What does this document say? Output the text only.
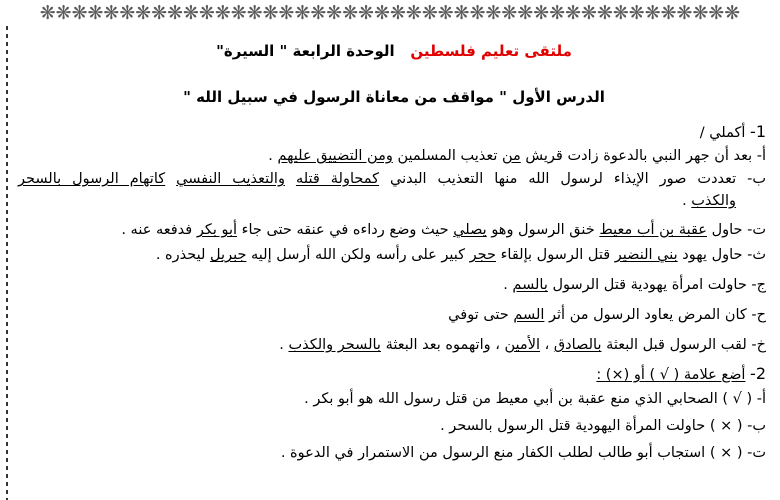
❋❋❋❋❋❋❋❋❋❋❋❋❋❋❋❋❋❋❋❋❋❋❋❋❋❋❋❋❋❋❋❋❋❋❋❋❋❋❋❋❋❋❋❋
ملتقى تعليم فلسطين   الوحدة الرابعة " السيرة"
الدرس الأول " مواقف من معاناة الرسول في سبيل الله "
1- أكملي /
أ- بعد أن جهر النبي بالدعوة زادت قريش من تعذيب المسلمين ومن التضييق عليهم .
ب- تعددت صور الإيذاء لرسول الله منها التعذيب البدني كمحاولة قتله والتعذيب النفسي كاتهام الرسول بالسحر
والكذب .
ت- حاول عقبة بن أب معيط خنق الرسول وهو يصلي حيث وضع رداءه في عنقه حتى جاء أبو بكر فدفعه عنه .
ث- حاول يهود بني النضير قتل الرسول بإلقاء حجر كبير على رأسه ولكن الله أرسل إليه جبريل ليحذره .
ج- حاولت امرأة يهودية قتل الرسول بالسم .
ح- كان المرض يعاود الرسول من أثر السم حتى توفي
خ- لقب الرسول قبل البعثة بالصادق ، الأمين ، واتهموه بعد البعثة بالسحر والكذب .
2- أضع علامة ( √ ) أو (×) :
أ- ( √ ) الصحابي الذي منع عقبة بن أبي معيط من قتل رسول الله هو أبو بكر .
ب- ( × ) حاولت المرأة اليهودية قتل الرسول بالسحر .
ت- ( × ) استجاب أبو طالب لطلب الكفار منع الرسول من الاستمرار في الدعوة .
